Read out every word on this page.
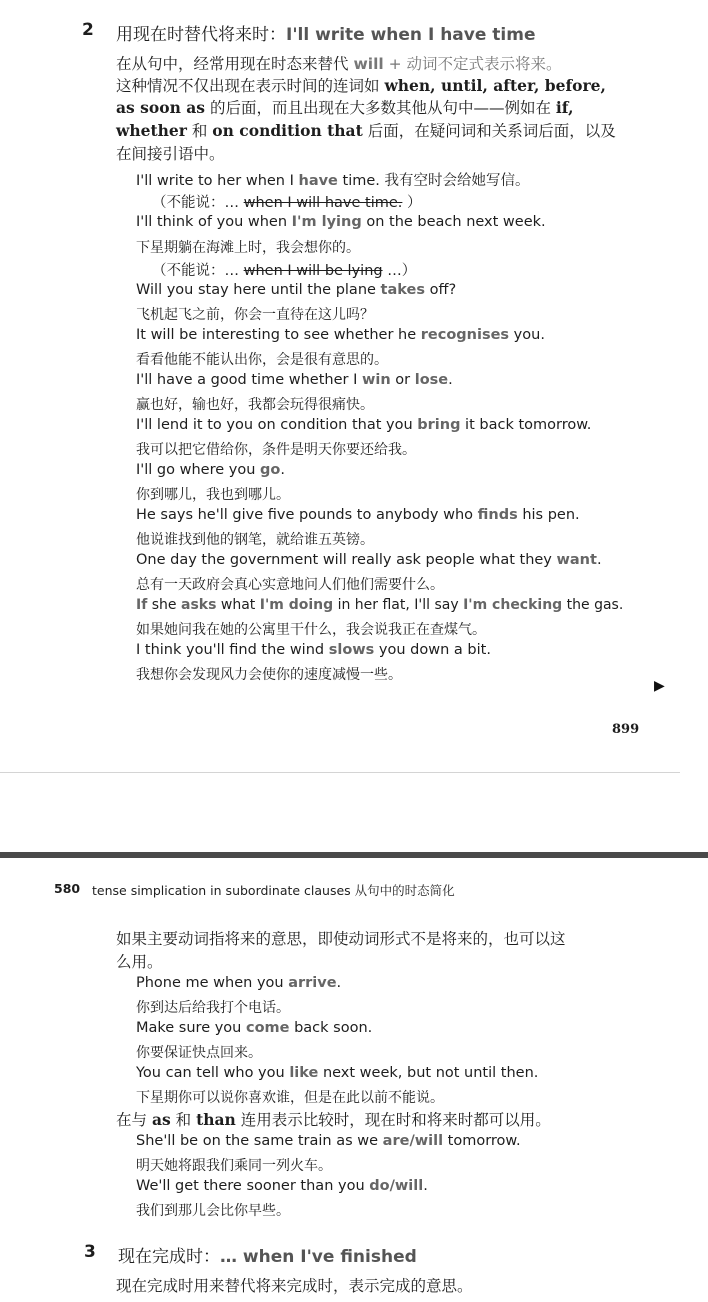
2 用现在时替代将来时：I'll write when I have time
在从句中，经常用现在时态来替代 will + 动词不定式表示将来。
这种情况不仅出现在表示时间的连词如 when, until, after, before,
as soon as 的后面，而且出现在大多数其他从句中——例如在 if,
whether 和 on condition that 后面，在疑问词和关系词后面，以及
在间接引语中。
I'll write to her when I have time. 我有空时会给她写信。
（不能说：… when I will have time. ）
I'll think of you when I'm lying on the beach next week.
下星期躺在海滩上时，我会想你的。
（不能说：… when I will be lying …）
Will you stay here until the plane takes off?
飞机起飞之前，你会一直待在这儿吗？
It will be interesting to see whether he recognises you.
看看他能不能认出你，会是很有意思的。
I'll have a good time whether I win or lose.
赢也好，输也好，我都会玩得很痛快。
I'll lend it to you on condition that you bring it back tomorrow.
我可以把它借给你，条件是明天你要还给我。
I'll go where you go.
你到哪儿，我也到哪儿。
He says he'll give five pounds to anybody who finds his pen.
他说谁找到他的钢笔，就给谁五英镑。
One day the government will really ask people what they want.
总有一天政府会真心实意地问人们他们需要什么。
If she asks what I'm doing in her flat, I'll say I'm checking the gas.
如果她问我在她的公寓里干什么，我会说我正在查煤气。
I think you'll find the wind slows you down a bit.
我想你会发现风力会使你的速度减慢一些。
▶
899
580 tense simplication in subordinate clauses 从句中的时态简化
如果主要动词指将来的意思，即使动词形式不是将来的，也可以这
么用。
Phone me when you arrive.
你到达后给我打个电话。
Make sure you come back soon.
你要保证快点回来。
You can tell who you like next week, but not until then.
下星期你可以说你喜欢谁，但是在此以前不能说。
在与 as 和 than 连用表示比较时，现在时和将来时都可以用。
She'll be on the same train as we are/will tomorrow.
明天她将跟我们乘同一列火车。
We'll get there sooner than you do/will.
我们到那儿会比你早些。
3 现在完成时：… when I've finished
现在完成时用来替代将来完成时，表示完成的意思。
